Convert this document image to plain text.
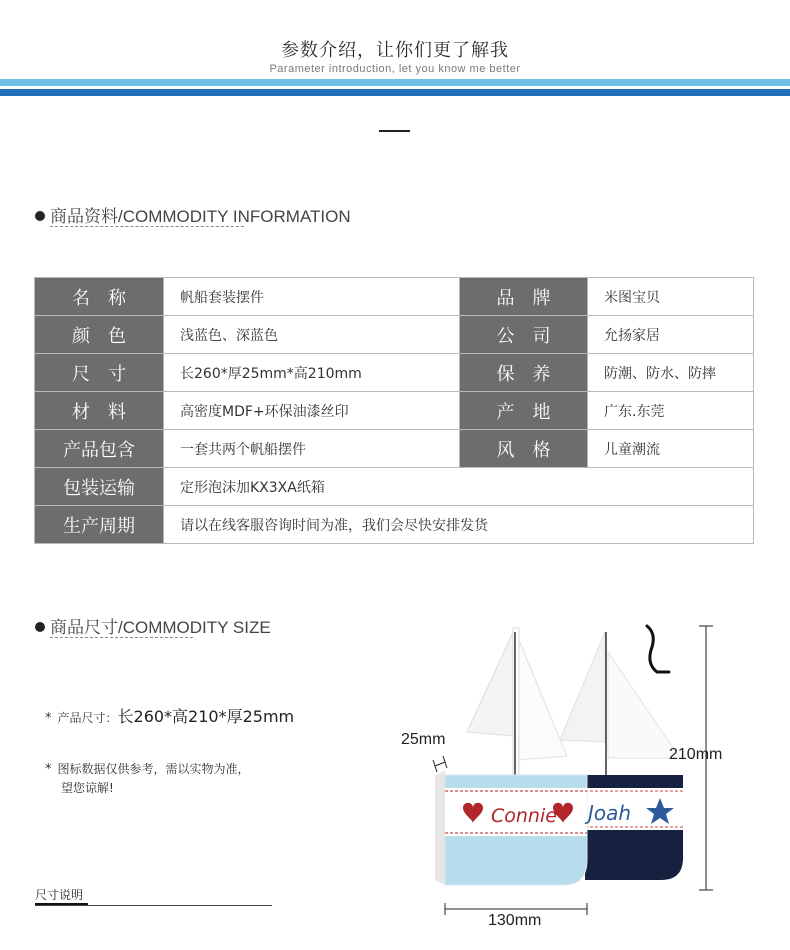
参数介绍，让你们更了解我
Parameter introduction, let you know me better
商品资料/COMMODITY INFORMATION
名　称	帆船套装摆件	品　牌	米图宝贝
颜　色	浅蓝色、深蓝色	公　司	允扬家居
尺　寸	长260*厚25mm*高210mm	保　养	防潮、防水、防摔
材　料	高密度MDF+环保油漆丝印	产　地	广东.东莞
产品包含	一套共两个帆船摆件	风　格	儿童潮流
包装运输	定形泡沫加KX3XA纸箱		
生产周期	请以在线客服咨询时间为准，我们会尽快安排发货		
商品尺寸/COMMODITY SIZE
* 产品尺寸：长260*高210*厚25mm
* 图标数据仅供参考，需以实物为准，
望您谅解!
尺寸说明
Connie Joah
25mm
210mm
130mm
